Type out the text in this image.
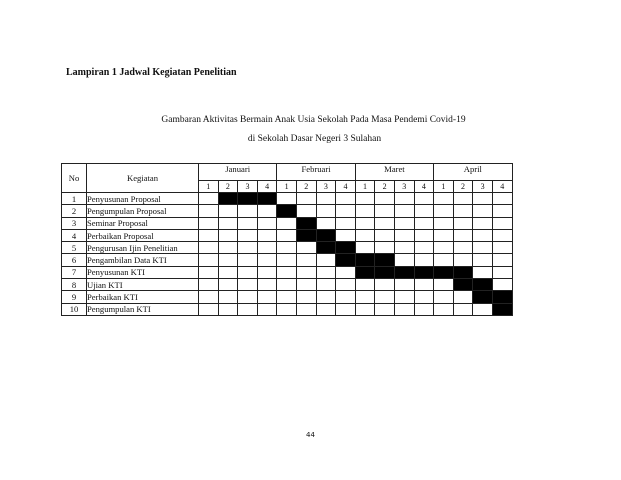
Lampiran 1 Jadwal Kegiatan Penelitian
Gambaran Aktivitas Bermain Anak Usia Sekolah Pada Masa Pendemi Covid-19
di Sekolah Dasar Negeri 3 Sulahan
No	Kegiatan	Januari				Februari				Maret				April			
		1	2	3	4	1	2	3	4	1	2	3	4	1	2	3	4
1	Penyusunan Proposal																
2	Pengumpulan Proposal																
3	Seminar Proposal																
4	Perbaikan Proposal																
5	Pengurusan Ijin Penelitian																
6	Pengambilan Data KTI																
7	Penyusunan KTI																
8	Ujian KTI																
9	Perbaikan KTI																
10	Pengumpulan KTI																
44
